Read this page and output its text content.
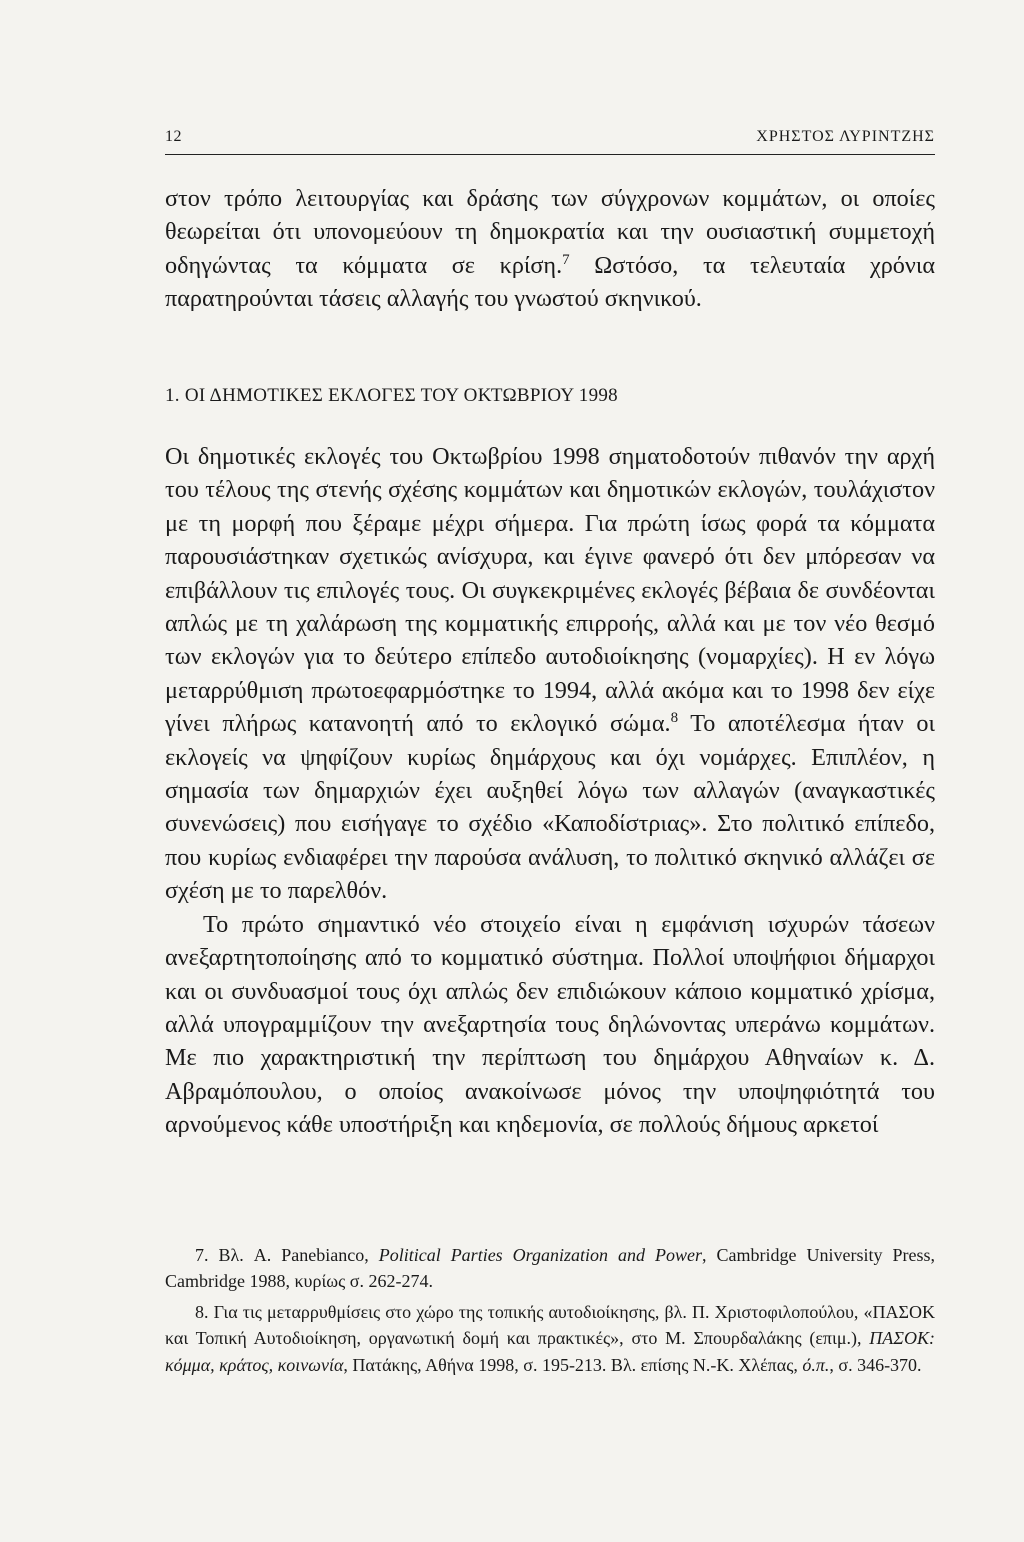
12	ΧΡΗΣΤΟΣ ΛΥΡΙΝΤΖΗΣ

στον τρόπο λειτουργίας και δράσης των σύγχρονων κομμάτων, οι οποίες θεωρείται ότι υπονομεύουν τη δημοκρατία και την ουσιαστική συμμετοχή οδηγώντας τα κόμματα σε κρίση.$^7$ Ωστόσο, τα τελευταία χρόνια παρατηρούνται τάσεις αλλαγής του γνωστού σκηνικού.

1. ΟΙ ΔΗΜΟΤΙΚΕΣ ΕΚΛΟΓΕΣ ΤΟΥ ΟΚΤΩΒΡΙΟΥ 1998

Οι δημοτικές εκλογές του Οκτωβρίου 1998 σηματοδοτούν πιθανόν την αρχή του τέλους της στενής σχέσης κομμάτων και δημοτικών εκλογών, τουλάχιστον με τη μορφή που ξέραμε μέχρι σήμερα. Για πρώτη ίσως φορά τα κόμματα παρουσιάστηκαν σχετικώς ανίσχυρα, και έγινε φανερό ότι δεν μπόρεσαν να επιβάλλουν τις επιλογές τους. Οι συγκεκριμένες εκλογές βέβαια δε συνδέονται απλώς με τη χαλάρωση της κομματικής επιρροής, αλλά και με τον νέο θεσμό των εκλογών για το δεύτερο επίπεδο αυτοδιοίκησης (νομαρχίες). Η εν λόγω μεταρρύθμιση πρωτοεφαρμόστηκε το 1994, αλλά ακόμα και το 1998 δεν είχε γίνει πλήρως κατανοητή από το εκλογικό σώμα.$^8$ Το αποτέλεσμα ήταν οι εκλογείς να ψηφίζουν κυρίως δημάρχους και όχι νομάρχες. Επιπλέον, η σημασία των δημαρχιών έχει αυξηθεί λόγω των αλλαγών (αναγκαστικές συνενώσεις) που εισήγαγε το σχέδιο «Καποδίστριας». Στο πολιτικό επίπεδο, που κυρίως ενδιαφέρει την παρούσα ανάλυση, το πολιτικό σκηνικό αλλάζει σε σχέση με το παρελθόν.

Το πρώτο σημαντικό νέο στοιχείο είναι η εμφάνιση ισχυρών τάσεων ανεξαρτητοποίησης από το κομματικό σύστημα. Πολλοί υποψήφιοι δήμαρχοι και οι συνδυασμοί τους όχι απλώς δεν επιδιώκουν κάποιο κομματικό χρίσμα, αλλά υπογραμμίζουν την ανεξαρτησία τους δηλώνοντας υπεράνω κομμάτων. Με πιο χαρακτηριστική την περίπτωση του δημάρχου Αθηναίων κ. Δ. Αβραμόπουλου, ο οποίος ανακοίνωσε μόνος την υποψηφιότητά του αρνούμενος κάθε υποστήριξη και κηδεμονία, σε πολλούς δήμους αρκετοί

7. Βλ. A. Panebianco, Political Parties Organization and Power, Cambridge University Press, Cambridge 1988, κυρίως σ. 262-274.

8. Για τις μεταρρυθμίσεις στο χώρο της τοπικής αυτοδιοίκησης, βλ. Π. Χριστοφιλοπούλου, «ΠΑΣΟΚ και Τοπική Αυτοδιοίκηση, οργανωτική δομή και πρακτικές», στο Μ. Σπουρδαλάκης (επιμ.), ΠΑΣΟΚ: κόμμα, κράτος, κοινωνία, Πατάκης, Αθήνα 1998, σ. 195-213. Βλ. επίσης Ν.-Κ. Χλέπας, ό.π., σ. 346-370.
